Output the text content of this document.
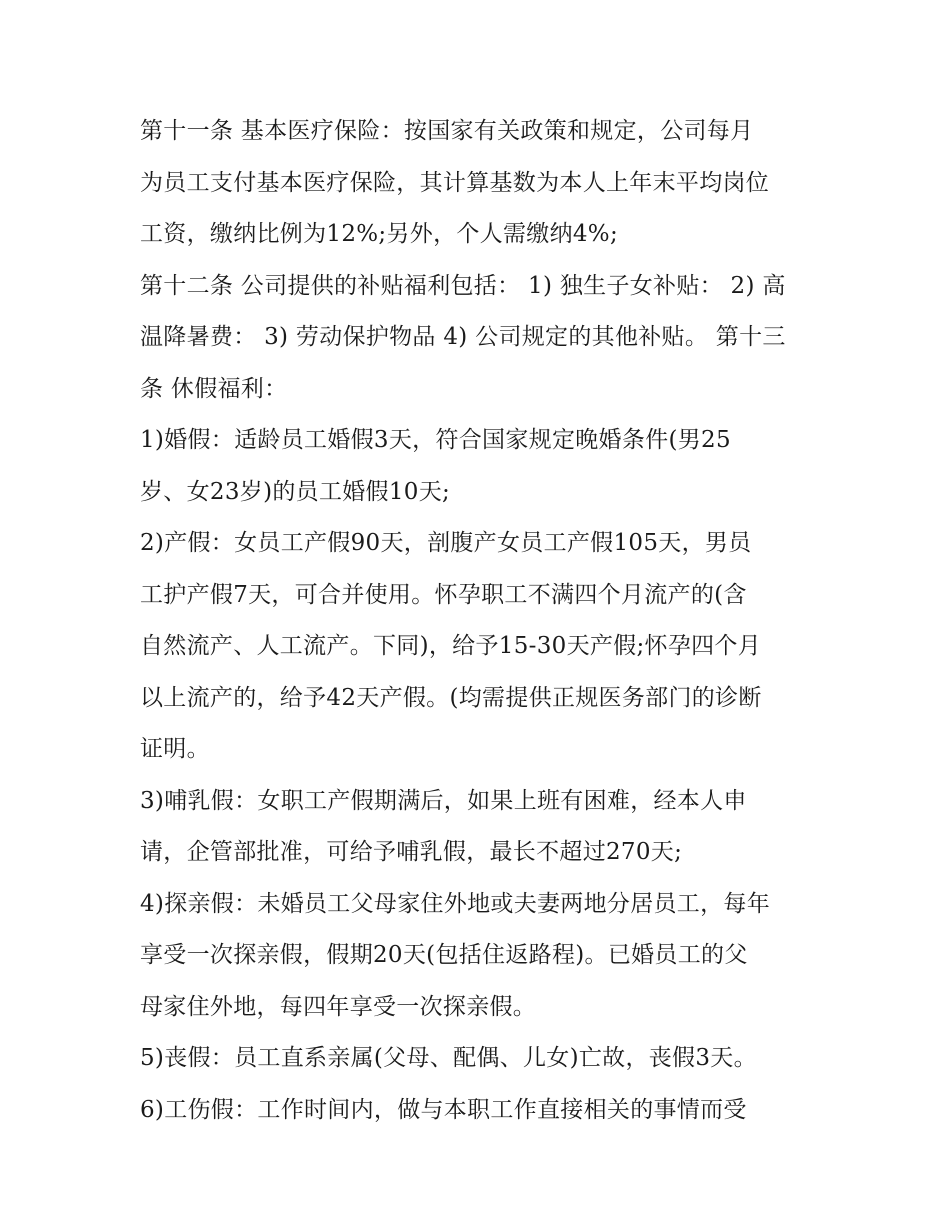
第十一条 基本医疗保险：按国家有关政策和规定，公司每月
为员工支付基本医疗保险，其计算基数为本人上年末平均岗位
工资，缴纳比例为12%;另外，个人需缴纳4%;
第十二条 公司提供的补贴福利包括： 1) 独生子女补贴： 2) 高
温降暑费： 3) 劳动保护物品 4) 公司规定的其他补贴。 第十三
条 休假福利：
1)婚假：适龄员工婚假3天，符合国家规定晚婚条件(男25
岁、女23岁)的员工婚假10天;
2)产假：女员工产假90天，剖腹产女员工产假105天，男员
工护产假7天，可合并使用。怀孕职工不满四个月流产的(含
自然流产、人工流产。下同)，给予15-30天产假;怀孕四个月
以上流产的，给予42天产假。(均需提供正规医务部门的诊断
证明。
3)哺乳假：女职工产假期满后，如果上班有困难，经本人申
请，企管部批准，可给予哺乳假，最长不超过270天;
4)探亲假：未婚员工父母家住外地或夫妻两地分居员工，每年
享受一次探亲假，假期20天(包括住返路程)。已婚员工的父
母家住外地，每四年享受一次探亲假。
5)丧假：员工直系亲属(父母、配偶、儿女)亡故，丧假3天。
6)工伤假：工作时间内，做与本职工作直接相关的事情而受
